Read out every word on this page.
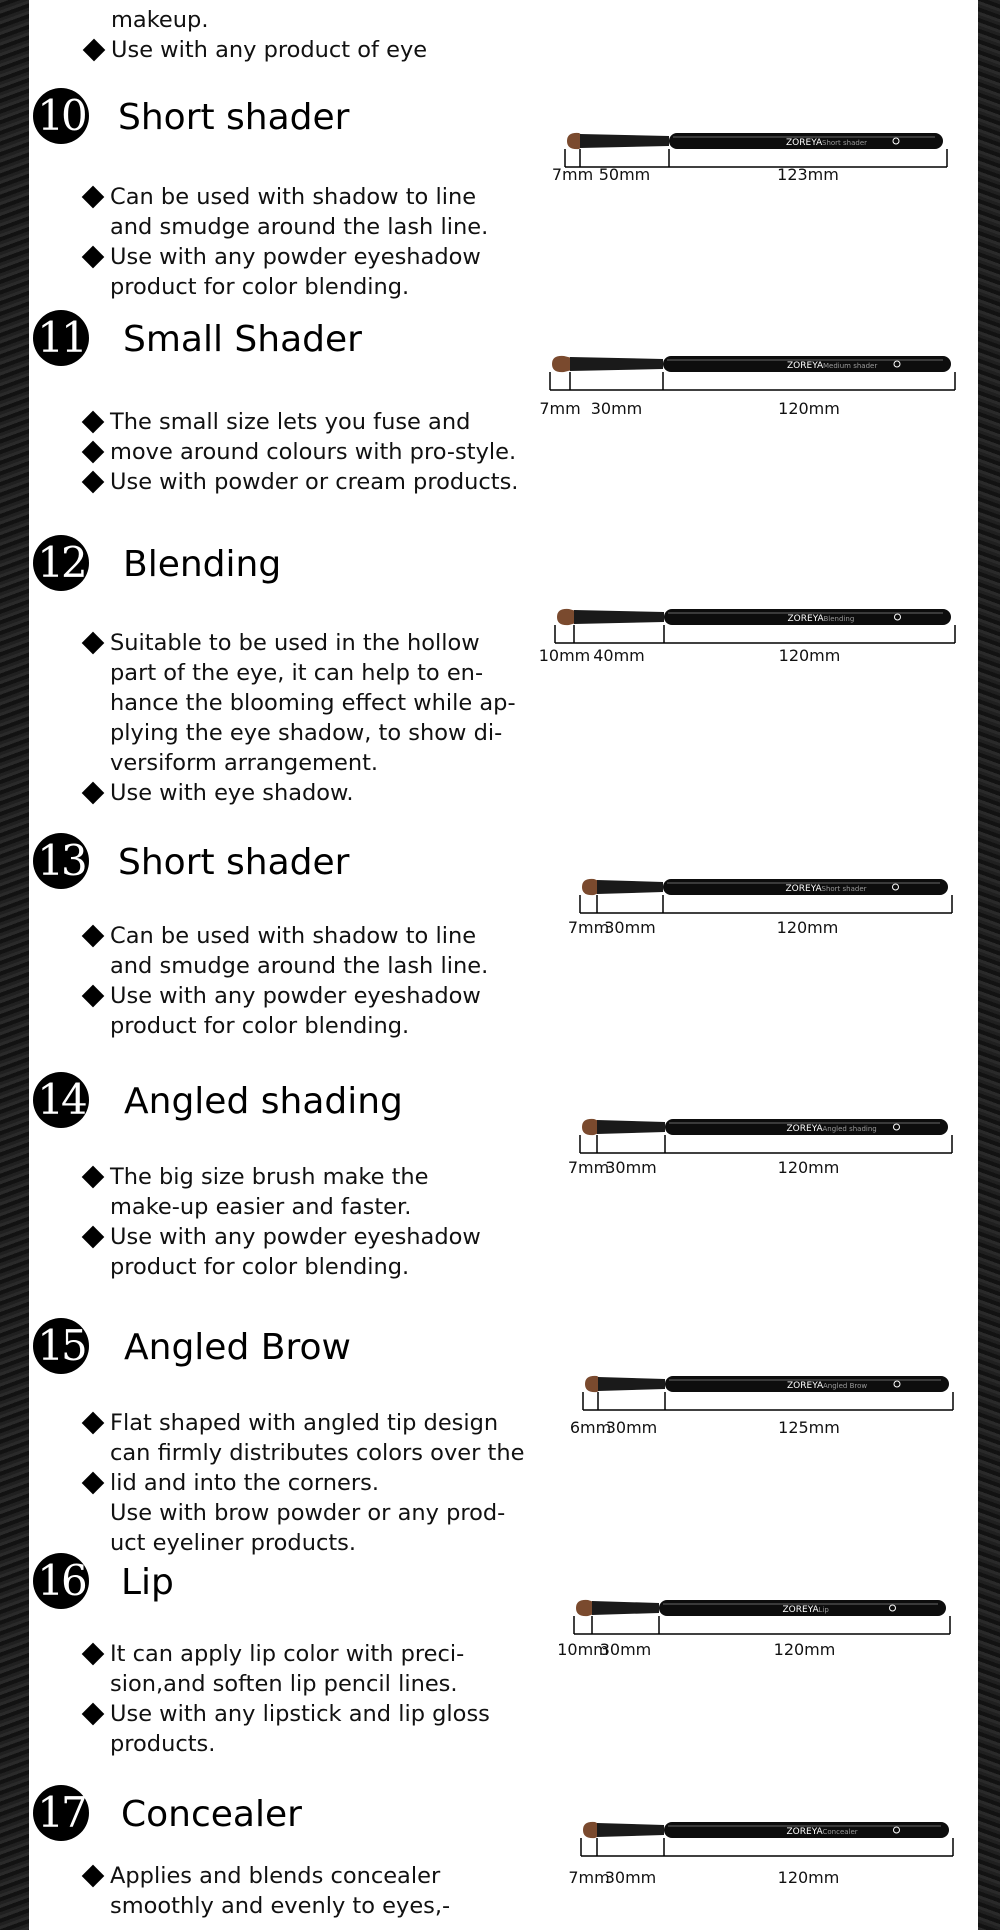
makeup.
Use with any product of eye
10 Short shader
Can be used with shadow to line
and smudge around the lash line.
Use with any powder eyeshadow
product for color blending.
ZOREYA Short shader
7mm 50mm	123mm
11 Small Shader
The small size lets you fuse and
move around colours with pro-style.
Use with powder or cream products.
ZOREYA Medium shader
7mm 30mm	120mm
12 Blending
Suitable to be used in the hollow
part of the eye, it can help to en-
hance the blooming effect while ap-
plying the eye shadow, to show di-
versiform arrangement.
Use with eye shadow.
ZOREYA Blending
10mm 40mm	120mm
13 Short shader
Can be used with shadow to line
and smudge around the lash line.
Use with any powder eyeshadow
product for color blending.
ZOREYA Short shader
7mm
30mm	120mm
14 Angled shading
The big size brush make the
make-up easier and faster.
Use with any powder eyeshadow
product for color blending.
ZOREYA Angled shading
7mm
30mm	120mm
15 Angled Brow
Flat shaped with angled tip design
can firmly distributes colors over the
lid and into the corners.
Use with brow powder or any prod-
uct eyeliner products.
ZOREYA Angled Brow
6mm
30mm	125mm
16 Lip
It can apply lip color with preci-
sion,and soften lip pencil lines.
Use with any lipstick and lip gloss
products.
ZOREYA Lip
10mm
30mm	120mm
17 Concealer
Applies and blends concealer
smoothly and evenly to eyes,-
ZOREYA Concealer
7mm
30mm	120mm
